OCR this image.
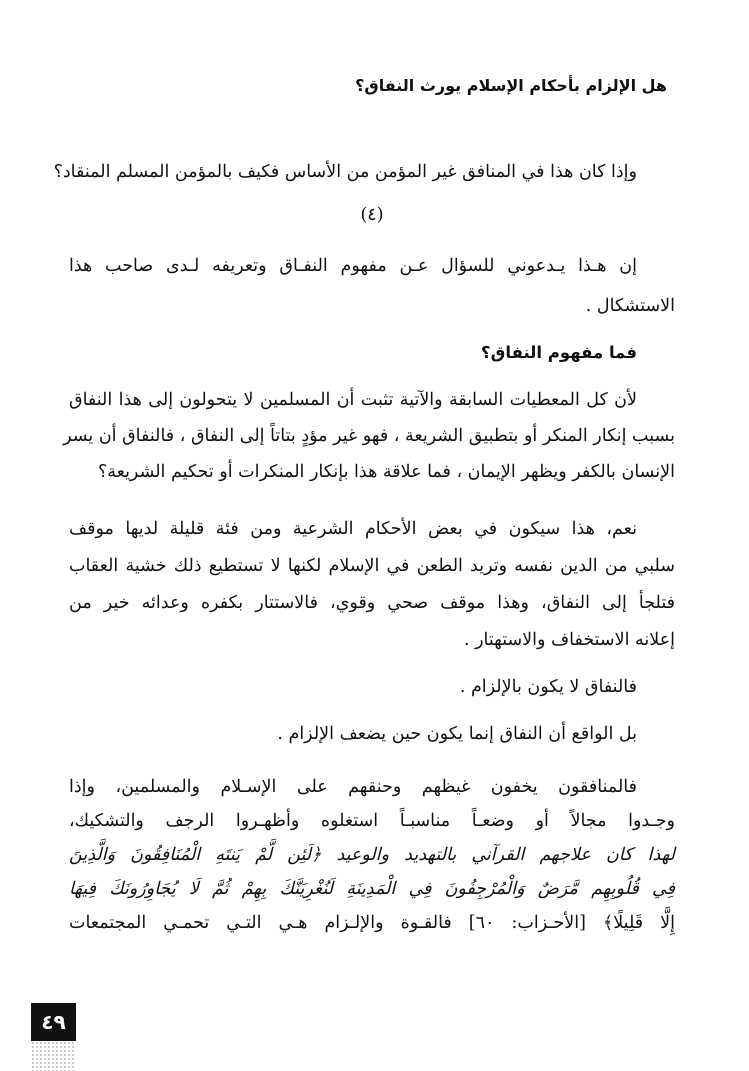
هل الإلزام بأحكام الإسلام يورث النفاق؟
وإذا كان هذا في المنافق غير المؤمن من الأساس فكيف بالمؤمن المسلم المنقاد؟
(٤)
إن هـذا يـدعوني للسؤال عـن مفهوم النفـاق وتعريفه لـدى صاحب هذا
الاستشكال .
فما مفهوم النفاق؟
لأن كل المعطيات السابقة والآتية تثبت أن المسلمين لا يتحولون إلى هذا النفاق
بسبب إنكار المنكر أو بتطبيق الشريعة ، فهو غير مؤدٍ بتاتاً إلى النفاق ، فالنفاق أن يسر
الإنسان بالكفر ويظهر الإيمان ، فما علاقة هذا بإنكار المنكرات أو تحكيم الشريعة؟
نعم، هذا سيكون في بعض الأحكام الشرعية ومن فئة قليلة لديها موقف
سلبي من الدين نفسه وتريد الطعن في الإسلام لكنها لا تستطيع ذلك خشية العقاب
فتلجأ إلى النفاق، وهذا موقف صحي وقوي، فالاستتار بكفره وعدائه خير من
إعلانه الاستخفاف والاستهتار .
فالنفاق لا يكون بالإلزام .
بل الواقع أن النفاق إنما يكون حين يضعف الإلزام .
فالمنافقون يخفون غيظهم وحنقهم على الإسـلام والمسلمين، وإذا
وجـدوا مجالاً أو وضعـاً مناسبـاً استغلوه وأظهـروا الرجف والتشكيك،
لهذا كان علاجهم القرآني بالتهديد والوعيد ﴿لَئِن لَّمْ يَنتَهِ الْمُنَافِقُونَ وَالَّذِينَ
فِي قُلُوبِهِم مَّرَضٌ وَالْمُرْجِفُونَ فِي الْمَدِينَةِ لَنُغْرِيَنَّكَ بِهِمْ ثُمَّ لَا يُجَاوِرُونَكَ فِيهَا
إِلَّا قَلِيلًا﴾ [الأحـزاب: ٦٠] فالقـوة والإلـزام هـي التـي تحمـي المجتمعات
٤٩
